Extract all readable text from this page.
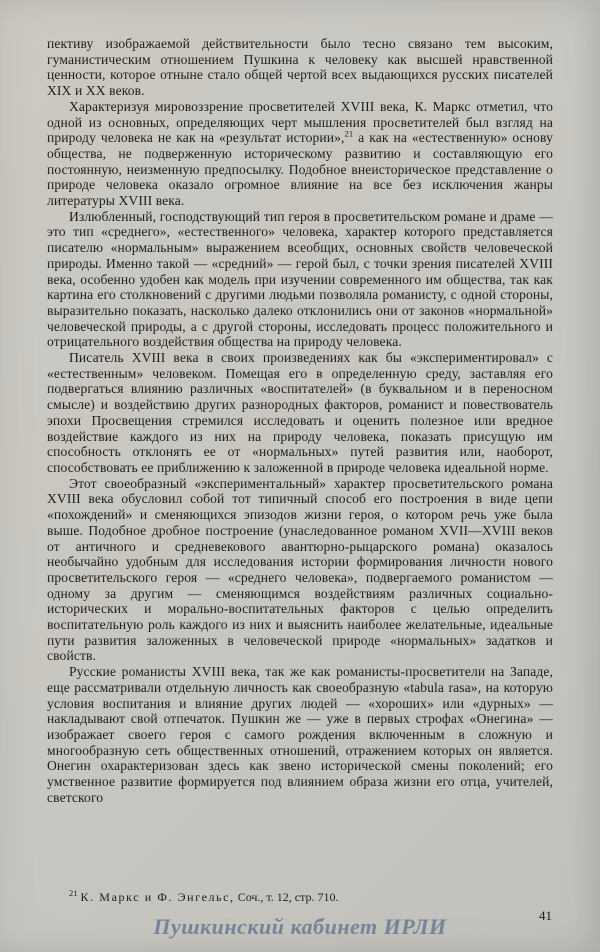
пективу изображаемой действительности было тесно связано тем высоким, гуманистическим отношением Пушкина к человеку как высшей нравственной ценности, которое отныне стало общей чертой всех выдающихся русских писателей XIX и XX веков.

Характеризуя мировоззрение просветителей XVIII века, К. Маркс отметил, что одной из основных, определяющих черт мышления просветителей был взгляд на природу человека не как на «результат истории»,$^{21}$ а как на «естественную» основу общества, не подверженную историческому развитию и составляющую его постоянную, неизменную предпосылку. Подобное внеисторическое представление о природе человека оказало огромное влияние на все без исключения жанры литературы XVIII века.

Излюбленный, господствующий тип героя в просветительском романе и драме — это тип «среднего», «естественного» человека, характер которого представляется писателю «нормальным» выражением всеобщих, основных свойств человеческой природы. Именно такой — «средний» — герой был, с точки зрения писателей XVIII века, особенно удобен как модель при изучении современного им общества, так как картина его столкновений с другими людьми позволяла романисту, с одной стороны, выразительно показать, насколько далеко отклонились они от законов «нормальной» человеческой природы, а с другой стороны, исследовать процесс положительного и отрицательного воздействия общества на природу человека.

Писатель XVIII века в своих произведениях как бы «экспериментировал» с «естественным» человеком. Помещая его в определенную среду, заставляя его подвергаться влиянию различных «воспитателей» (в буквальном и в переносном смысле) и воздействию других разнородных факторов, романист и повествователь эпохи Просвещения стремился исследовать и оценить полезное или вредное воздействие каждого из них на природу человека, показать присущую им способность отклонять ее от «нормальных» путей развития или, наоборот, способствовать ее приближению к заложенной в природе человека идеальной норме.

Этот своеобразный «экспериментальный» характер просветительского романа XVIII века обусловил собой тот типичный способ его построения в виде цепи «похождений» и сменяющихся эпизодов жизни героя, о котором речь уже была выше. Подобное дробное построение (унаследованное романом XVII—XVIII веков от античного и средневекового авантюрно-рыцарского романа) оказалось необычайно удобным для исследования истории формирования личности нового просветительского героя — «среднего человека», подвергаемого романистом — одному за другим — сменяющимся воздействиям различных социально-исторических и морально-воспитательных факторов с целью определить воспитательную роль каждого из них и выяснить наиболее желательные, идеальные пути развития заложенных в человеческой природе «нормальных» задатков и свойств.

Русские романисты XVIII века, так же как романисты-просветители на Западе, еще рассматривали отдельную личность как своеобразную «tabula rasa», на которую условия воспитания и влияние других людей — «хороших» или «дурных» — накладывают свой отпечаток. Пушкин же — уже в первых строфах «Онегина» — изображает своего героя с самого рождения включенным в сложную и многообразную сеть общественных отношений, отражением которых он является. Онегин охарактеризован здесь как звено исторической смены поколений; его умственное развитие формируется под влиянием образа жизни его отца, учителей, светского

$^{21}$ К. Маркс и Ф. Энгельс, Соч., т. 12, стр. 710.
41
Пушкинский кабинет ИРЛИ
